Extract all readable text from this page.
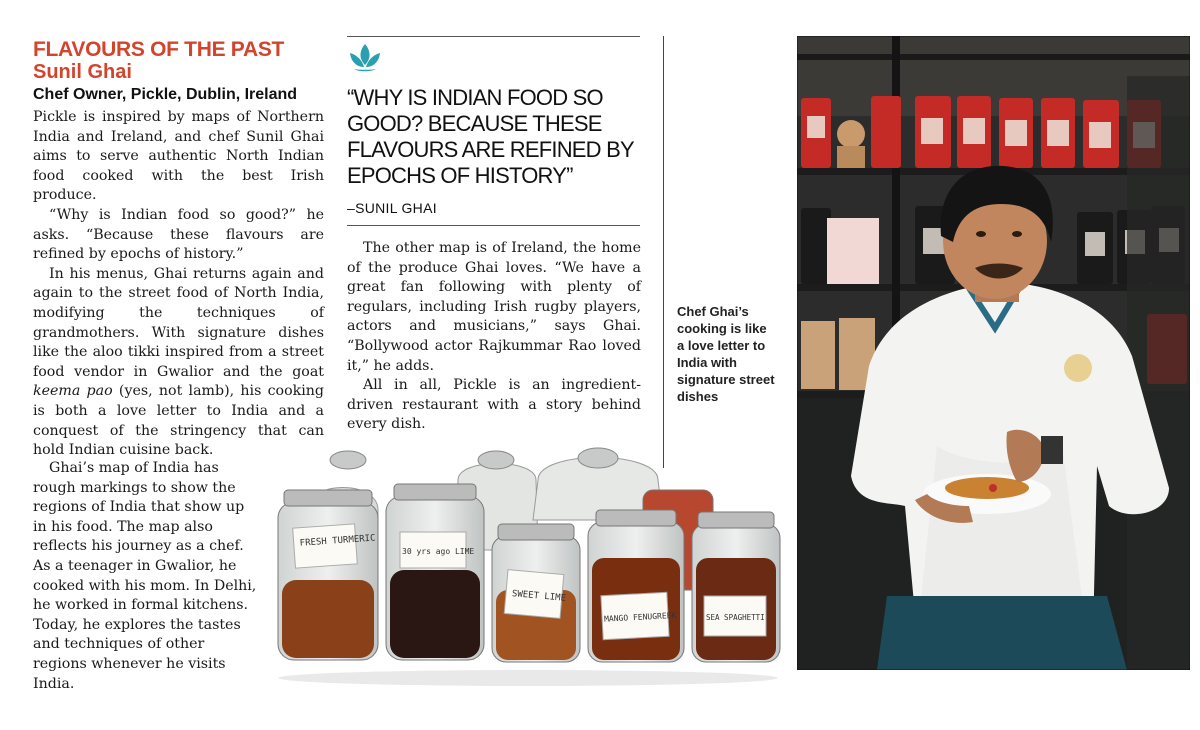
FLAVOURS OF THE PAST
Sunil Ghai
Chef Owner, Pickle, Dublin, Ireland

Pickle is inspired by maps of Northern India and Ireland, and chef Sunil Ghai aims to serve authentic North Indian food cooked with the best Irish produce.

“Why is Indian food so good?” he asks. “Because these flavours are refined by epochs of history.”

In his menus, Ghai returns again and again to the street food of North India, modifying the techniques of grandmothers. With signature dishes like the aloo tikki inspired from a street food vendor in Gwalior and the goat keema pao (yes, not lamb), his cooking is both a love letter to India and a conquest of the stringency that can hold Indian cuisine back.

Ghai’s map of India has rough markings to show the regions of India that show up in his food. The map also reflects his journey as a chef. As a teenager in Gwalior, he cooked with his mom. In Delhi, he worked in formal kitchens. Today, he explores the tastes and techniques of other regions whenever he visits India.

“WHY IS INDIAN FOOD SO GOOD? BECAUSE THESE FLAVOURS ARE REFINED BY EPOCHS OF HISTORY”
–SUNIL GHAI

The other map is of Ireland, the home of the produce Ghai loves. “We have a great fan following with plenty of regulars, including Irish rugby players, actors and musicians,” says Ghai. “Bollywood actor Rajkummar Rao loved it,” he adds.

All in all, Pickle is an ingredient-driven restaurant with a story behind every dish.

Chef Ghai’s cooking is like a love letter to India with signature street dishes
FRESH TURMERIC
30 yrs ago LIME
SWEET LIME
MANGO FENUGREEK	SEA SPAGHETTI
